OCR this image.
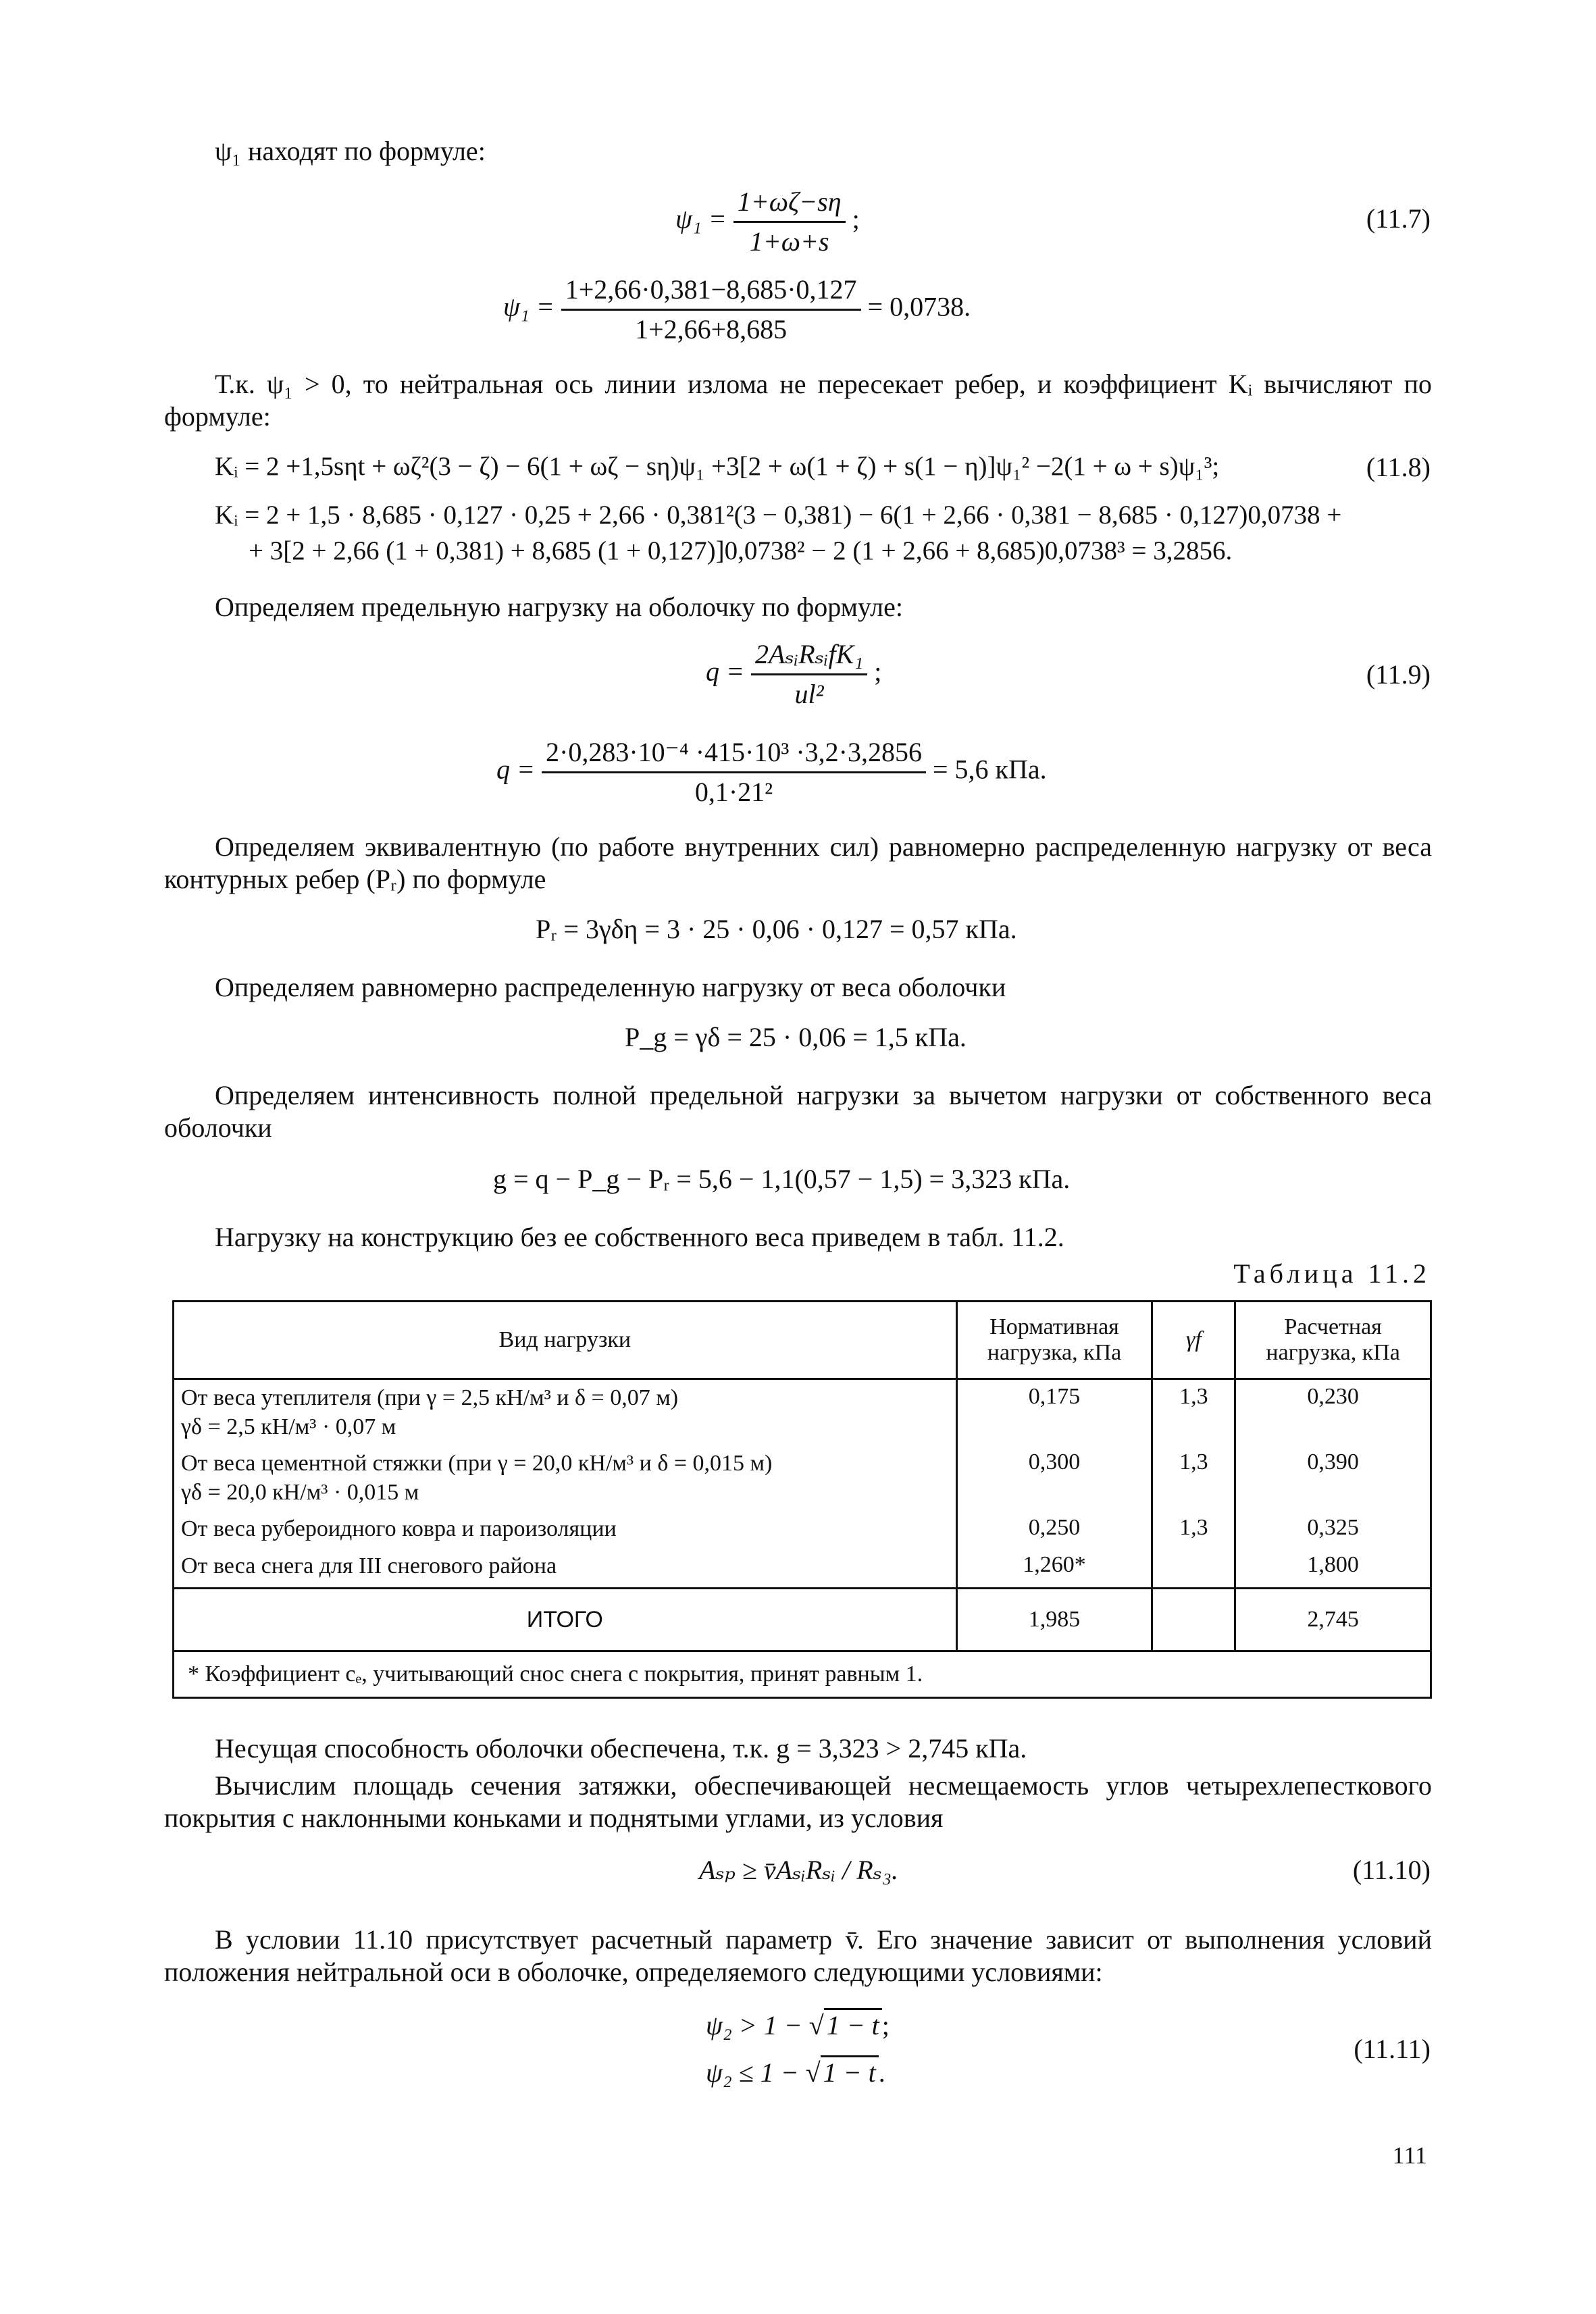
ψ₁ находят по формуле:
$\psi_1 = \frac{1+\omega\zeta-s\eta}{1+\omega+s}$ ;	(11.7)
$\psi_1 = \frac{1+2,66\cdot 0,381-8,685\cdot 0,127}{1+2,66+8,685} = 0,0738$.
Т.к. ψ₁ > 0, то нейтральная ось линии излома не пересекает ребер, и коэффициент Kᵢ вычисляют по формуле:
Kᵢ = 2 +1,5sηt + ωζ²(3 − ζ) − 6(1 + ωζ − sη)ψ₁ +3[2 + ω(1 + ζ) + s(1 − η)]ψ₁² −2(1 + ω + s)ψ₁³;	(11.8)
Kᵢ = 2 + 1,5 · 8,685 · 0,127 · 0,25 + 2,66 · 0,381²(3 − 0,381) − 6(1 + 2,66 · 0,381 − 8,685 · 0,127)0,0738 +
+ 3[2 + 2,66 (1 + 0,381) + 8,685 (1 + 0,127)]0,0738² − 2 (1 + 2,66 + 8,685)0,0738³ = 3,2856.
Определяем предельную нагрузку на оболочку по формуле:
$q = \frac{\text{2AₛᵢRₛᵢfK₁}}{\text{ul²}}$ ;	(11.9)
$q = \frac{\text{2·0,283·10⁻⁴ ·415·10³ ·3,2·3,2856}}{\text{0,1·21²}} = 5,6$ кПа.
Определяем эквивалентную (по работе внутренних сил) равномерно распределенную нагрузку от веса контурных ребер (Pᵣ) по формуле
Pᵣ = 3γδη = 3 · 25 · 0,06 · 0,127 = 0,57 кПа.
Определяем равномерно распределенную нагрузку от веса оболочки
P_g = γδ = 25 · 0,06 = 1,5 кПа.
Определяем интенсивность полной предельной нагрузки за вычетом нагрузки от собственного веса оболочки
g = q − P_g − Pᵣ = 5,6 − 1,1(0,57 − 1,5) = 3,323 кПа.
Нагрузку на конструкцию без ее собственного веса приведем в табл. 11.2.
Таблица 11.2
Вид нагрузки	Нормативная нагрузка, кПа	γf	Расчетная нагрузка, кПа

От веса утеплителя (при γ = 2,5 кН/м³ и δ = 0,07 м)
γδ = 2,5 кН/м³ · 0,07 м	0,175	1,3	0,230

От веса цементной стяжки (при γ = 20,0 кН/м³ и δ = 0,015 м)
γδ = 20,0 кН/м³ · 0,015 м	0,300	1,3	0,390

От веса рубероидного ковра и пароизоляции	0,250	1,3	0,325

От веса снега для III снегового района	1,260*		1,800
ИТОГО	1,985		2,745
* Коэффициент cₑ, учитывающий снос снега с покрытия, принят равным 1.			
Несущая способность оболочки обеспечена, т.к. g = 3,323 > 2,745 кПа.
Вычислим площадь сечения затяжки, обеспечивающей несмещаемость углов четырехлепесткового покрытия с наклонными коньками и поднятыми углами, из условия
Aₛₚ ≥ v̄AₛᵢRₛᵢ / Rₛ₃.	(11.10)
В условии 11.10 присутствует расчетный параметр v̄. Его значение зависит от выполнения условий положения нейтральной оси в оболочке, определяемого следующими условиями:
ψ₂ > 1 − √ 1 − t ;
ψ₂ ≤ 1 − √ 1 − t .
(11.11)
111
